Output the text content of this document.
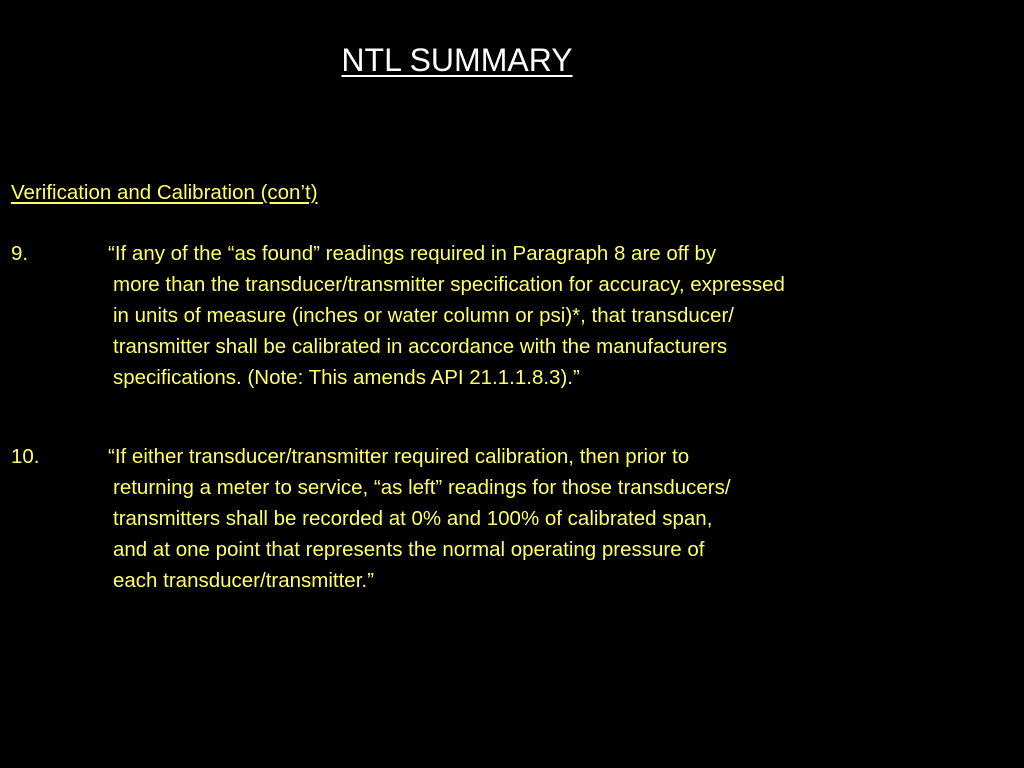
NTL SUMMARY
Verification and Calibration (con’t)
9.	“If any of the “as found” readings required in Paragraph 8 are off by
more than the transducer/transmitter specification for accuracy, expressed
in units of measure (inches or water column or psi)*, that transducer/
transmitter shall be calibrated in accordance with the manufacturers
specifications. (Note: This amends API 21.1.1.8.3).”
10.	“If either transducer/transmitter required calibration, then prior to
returning a meter to service, “as left” readings for those transducers/
transmitters shall be recorded at 0% and 100% of calibrated span,
and at one point that represents the normal operating pressure of
each transducer/transmitter.”
